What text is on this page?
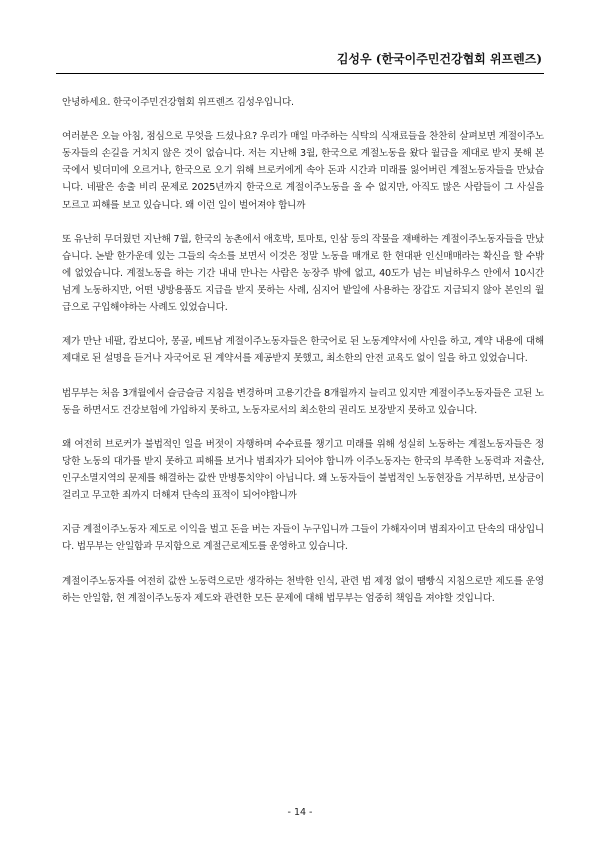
김성우 (한국이주민건강협회 위프렌즈)

안녕하세요. 한국이주민건강협회 위프렌즈 김성우입니다.

여러분은 오늘 아침, 점심으로 무엇을 드셨나요? 우리가 매일 마주하는 식탁의 식재료들을 찬찬히 살펴보면 계절이주노동자들의 손길을 거치지 않은 것이 없습니다. 저는 지난해 3월, 한국으로 계절노동을 왔다 월급을 제대로 받지 못해 본국에서 빚더미에 오르거나, 한국으로 오기 위해 브로커에게 속아 돈과 시간과 미래를 잃어버린 계절노동자들을 만났습니다. 네팔은 송출 비리 문제로 2025년까지 한국으로 계절이주노동을 올 수 없지만, 아직도 많은 사람들이 그 사실을 모르고 피해를 보고 있습니다. 왜 이런 일이 벌어져야 합니까

또 유난히 무더웠던 지난해 7월, 한국의 농촌에서 애호박, 토마토, 인삼 등의 작물을 재배하는 계절이주노동자들을 만났습니다. 논밭 한가운데 있는 그들의 숙소를 보면서 이것은 정말 노동을 매개로 한 현대판 인신매매라는 확신을 할 수밖에 없었습니다. 계절노동을 하는 기간 내내 만나는 사람은 농장주 밖에 없고, 40도가 넘는 비닐하우스 안에서 10시간 넘게 노동하지만, 어떤 냉방용품도 지급을 받지 못하는 사례, 심지어 밭일에 사용하는 장갑도 지급되지 않아 본인의 월급으로 구입해야하는 사례도 있었습니다.

제가 만난 네팔, 캄보디아, 몽골, 베트남 계절이주노동자들은 한국어로 된 노동계약서에 사인을 하고, 계약 내용에 대해 제대로 된 설명을 듣거나 자국어로 된 계약서를 제공받지 못했고, 최소한의 안전 교육도 없이 일을 하고 있었습니다.

법무부는 처음 3개월에서 슬금슬금 지침을 변경하며 고용기간을 8개월까지 늘리고 있지만 계절이주노동자들은 고된 노동을 하면서도 건강보험에 가입하지 못하고, 노동자로서의 최소한의 권리도 보장받지 못하고 있습니다.

왜 여전히 브로커가 불법적인 일을 버젓이 자행하며 수수료를 챙기고 미래를 위해 성실히 노동하는 계절노동자들은 정당한 노동의 대가를 받지 못하고 피해를 보거나 범죄자가 되어야 합니까 이주노동자는 한국의 부족한 노동력과 저출산, 인구소멸지역의 문제를 해결하는 값싼 만병통치약이 아닙니다. 왜 노동자들이 불법적인 노동현장을 거부하면, 보상금이 걸리고 무고한 죄까지 더해져 단속의 표적이 되어야합니까

지금 계절이주노동자 제도로 이익을 벌고 돈을 버는 자들이 누구입니까 그들이 가해자이며 범죄자이고 단속의 대상입니다. 법무부는 안일함과 무지함으로 계절근로제도를 운영하고 있습니다.

계절이주노동자를 여전히 값싼 노동력으로만 생각하는 천박한 인식, 관련 법 제정 없이 땜빵식 지침으로만 제도를 운영하는 안일함, 현 계절이주노동자 제도와 관련한 모든 문제에 대해 법무부는 엄중히 책임을 져야할 것입니다.

- 14 -
